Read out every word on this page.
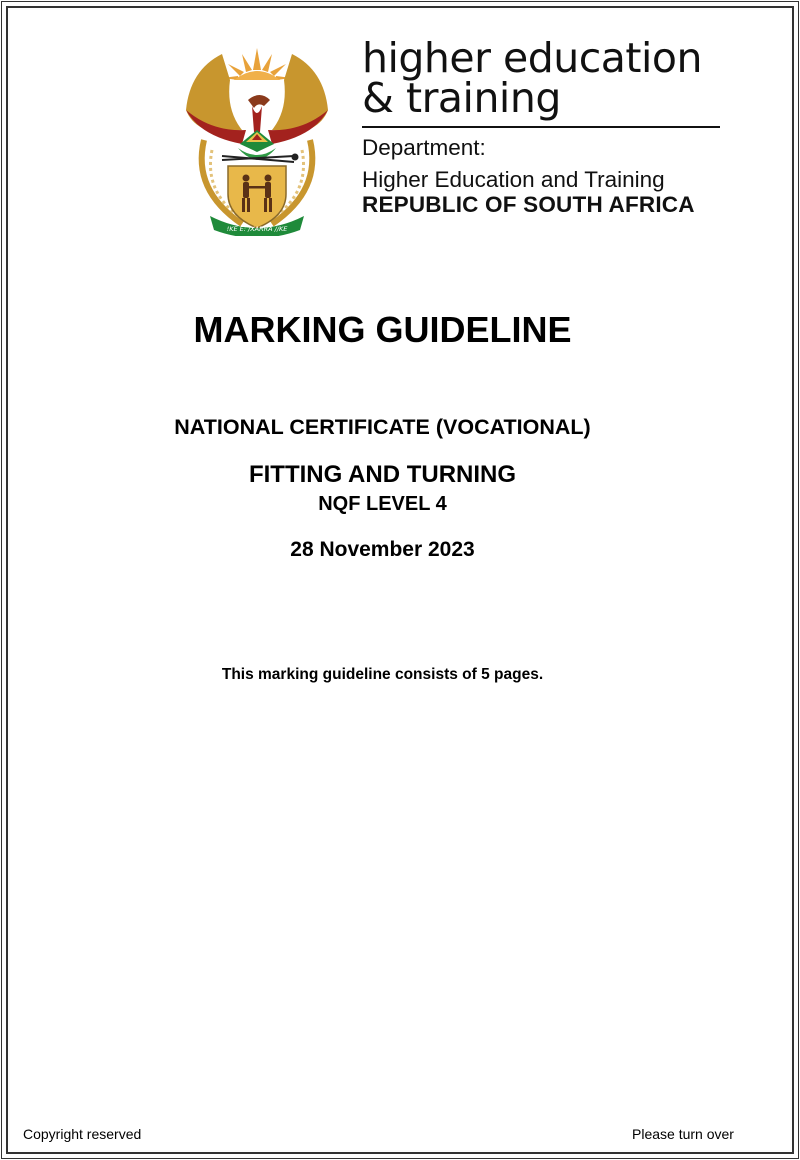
!KE E: /XARRA //KE
higher education
& training
Department:
Higher Education and Training
REPUBLIC OF SOUTH AFRICA
MARKING GUIDELINE
NATIONAL CERTIFICATE (VOCATIONAL)
FITTING AND TURNING
NQF LEVEL 4
28 November 2023
This marking guideline consists of 5 pages.
Copyright reserved	Please turn over
